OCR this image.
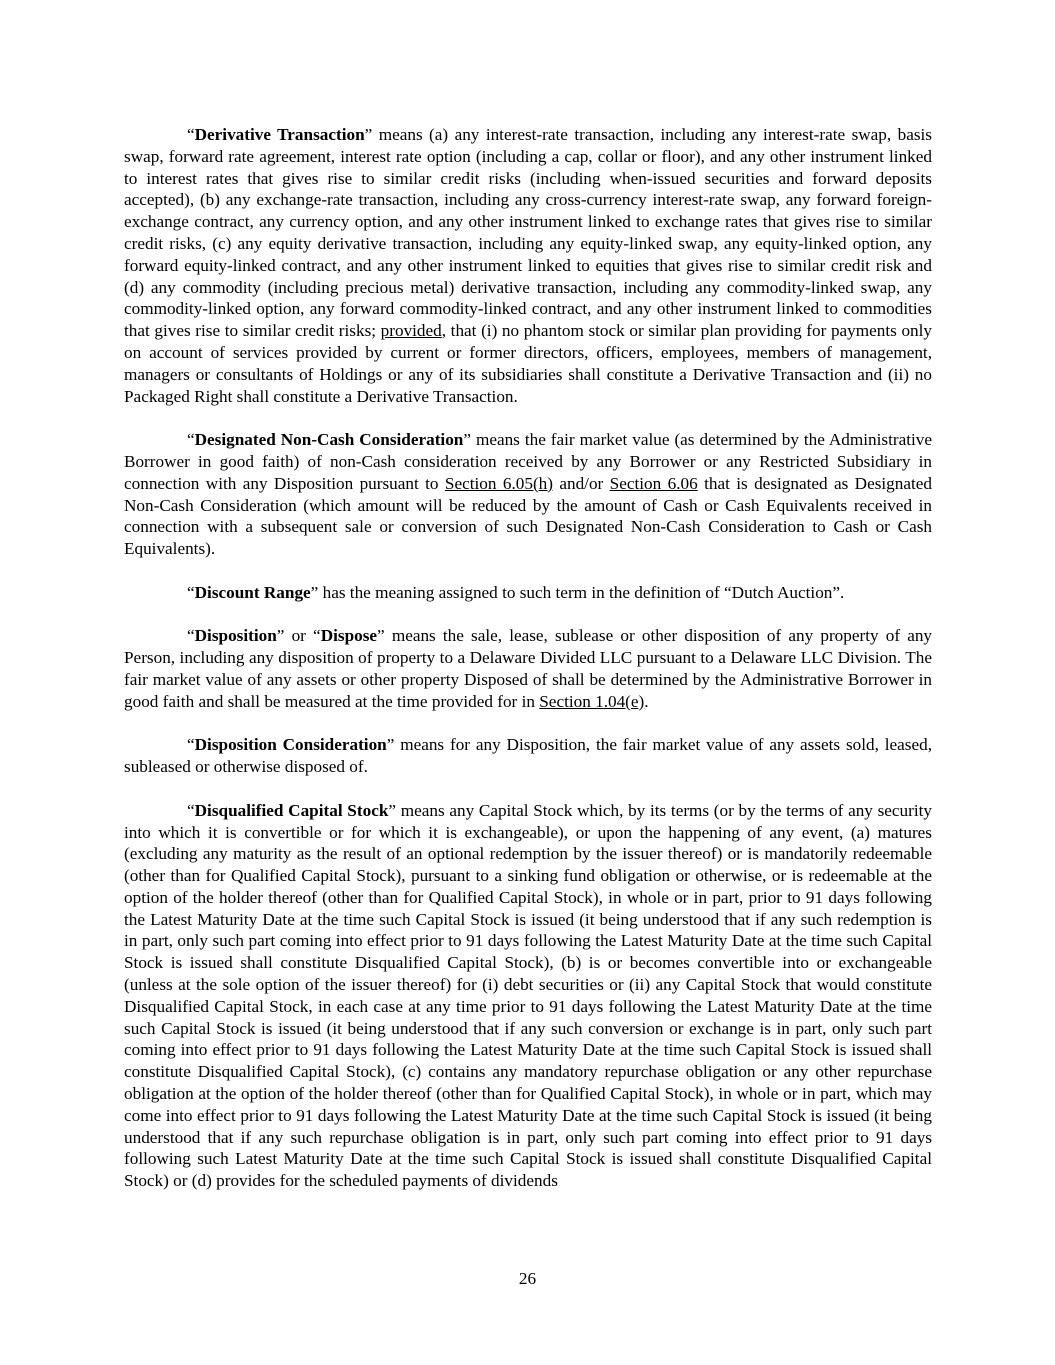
“Derivative Transaction” means (a) any interest-rate transaction, including any interest-rate swap, basis swap, forward rate agreement, interest rate option (including a cap, collar or floor), and any other instrument linked to interest rates that gives rise to similar credit risks (including when-issued securities and forward deposits accepted), (b) any exchange-rate transaction, including any cross-currency interest-rate swap, any forward foreign-exchange contract, any currency option, and any other instrument linked to exchange rates that gives rise to similar credit risks, (c) any equity derivative transaction, including any equity-linked swap, any equity-linked option, any forward equity-linked contract, and any other instrument linked to equities that gives rise to similar credit risk and (d) any commodity (including precious metal) derivative transaction, including any commodity-linked swap, any commodity-linked option, any forward commodity-linked contract, and any other instrument linked to commodities that gives rise to similar credit risks; provided, that (i) no phantom stock or similar plan providing for payments only on account of services provided by current or former directors, officers, employees, members of management, managers or consultants of Holdings or any of its subsidiaries shall constitute a Derivative Transaction and (ii) no Packaged Right shall constitute a Derivative Transaction.

“Designated Non-Cash Consideration” means the fair market value (as determined by the Administrative Borrower in good faith) of non-Cash consideration received by any Borrower or any Restricted Subsidiary in connection with any Disposition pursuant to Section 6.05(h) and/or Section 6.06 that is designated as Designated Non-Cash Consideration (which amount will be reduced by the amount of Cash or Cash Equivalents received in connection with a subsequent sale or conversion of such Designated Non-Cash Consideration to Cash or Cash Equivalents).

“Discount Range” has the meaning assigned to such term in the definition of “Dutch Auction”.

“Disposition” or “Dispose” means the sale, lease, sublease or other disposition of any property of any Person, including any disposition of property to a Delaware Divided LLC pursuant to a Delaware LLC Division. The fair market value of any assets or other property Disposed of shall be determined by the Administrative Borrower in good faith and shall be measured at the time provided for in Section 1.04(e).

“Disposition Consideration” means for any Disposition, the fair market value of any assets sold, leased, subleased or otherwise disposed of.

“Disqualified Capital Stock” means any Capital Stock which, by its terms (or by the terms of any security into which it is convertible or for which it is exchangeable), or upon the happening of any event, (a) matures (excluding any maturity as the result of an optional redemption by the issuer thereof) or is mandatorily redeemable (other than for Qualified Capital Stock), pursuant to a sinking fund obligation or otherwise, or is redeemable at the option of the holder thereof (other than for Qualified Capital Stock), in whole or in part, prior to 91 days following the Latest Maturity Date at the time such Capital Stock is issued (it being understood that if any such redemption is in part, only such part coming into effect prior to 91 days following the Latest Maturity Date at the time such Capital Stock is issued shall constitute Disqualified Capital Stock), (b) is or becomes convertible into or exchangeable (unless at the sole option of the issuer thereof) for (i) debt securities or (ii) any Capital Stock that would constitute Disqualified Capital Stock, in each case at any time prior to 91 days following the Latest Maturity Date at the time such Capital Stock is issued (it being understood that if any such conversion or exchange is in part, only such part coming into effect prior to 91 days following the Latest Maturity Date at the time such Capital Stock is issued shall constitute Disqualified Capital Stock), (c) contains any mandatory repurchase obligation or any other repurchase obligation at the option of the holder thereof (other than for Qualified Capital Stock), in whole or in part, which may come into effect prior to 91 days following the Latest Maturity Date at the time such Capital Stock is issued (it being understood that if any such repurchase obligation is in part, only such part coming into effect prior to 91 days following such Latest Maturity Date at the time such Capital Stock is issued shall constitute Disqualified Capital Stock) or (d) provides for the scheduled payments of dividends

26
